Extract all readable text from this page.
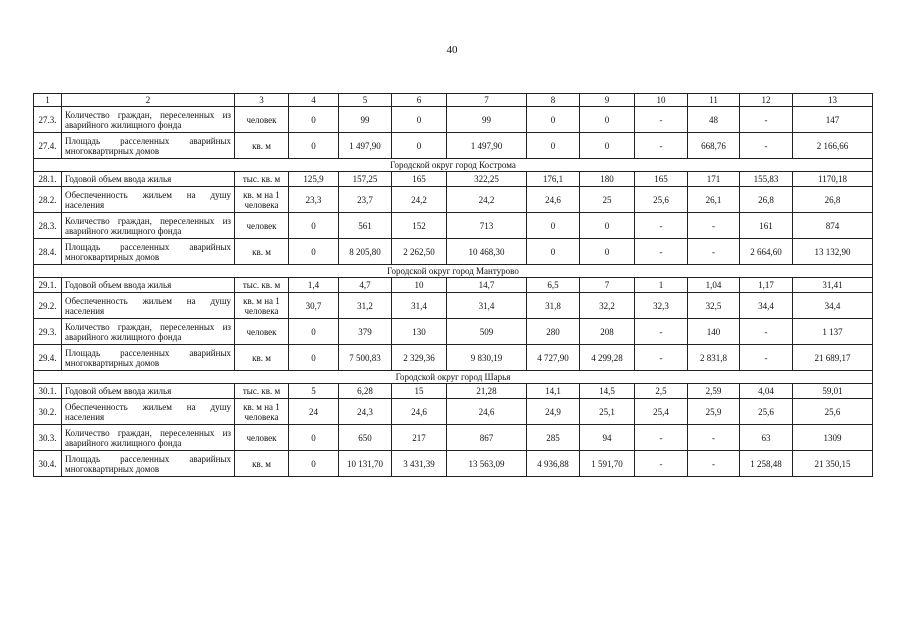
40
1	2	3	4	5	6	7	8	9	10	11	12	13
27.3.	Количество граждан, переселенных из аварийного жилищного фонда	человек	0	99	0	99	0	0	-	48	-	147
27.4.	Площадь расселенных аварийных многоквартирных домов	кв. м	0	1 497,90	0	1 497,90	0	0	-	668,76	-	2 166,66
Городской округ город Кострома												
28.1.	Годовой объем ввода жилья	тыс. кв. м	125,9	157,25	165	322,25	176,1	180	165	171	155,83	1170,18
28.2.	Обеспеченность жильем на душу населения	кв. м на 1 человека	23,3	23,7	24,2	24,2	24,6	25	25,6	26,1	26,8	26,8
28.3.	Количество граждан, переселенных из аварийного жилищного фонда	человек	0	561	152	713	0	0	-	-	161	874
28.4.	Площадь расселенных аварийных многоквартирных домов	кв. м	0	8 205,80	2 262,50	10 468,30	0	0	-	-	2 664,60	13 132,90
Городской округ город Мантурово												
29.1.	Годовой объем ввода жилья	тыс. кв. м	1,4	4,7	10	14,7	6,5	7	1	1,04	1,17	31,41
29.2.	Обеспеченность жильем на душу населения	кв. м на 1 человека	30,7	31,2	31,4	31,4	31,8	32,2	32,3	32,5	34,4	34,4
29.3.	Количество граждан, переселенных из аварийного жилищного фонда	человек	0	379	130	509	280	208	-	140	-	1 137
29.4.	Площадь расселенных аварийных многоквартирных домов	кв. м	0	7 500,83	2 329,36	9 830,19	4 727,90	4 299,28	-	2 831,8	-	21 689,17
Городской округ город Шарья												
30.1.	Годовой объем ввода жилья	тыс. кв. м	5	6,28	15	21,28	14,1	14,5	2,5	2,59	4,04	59,01
30.2.	Обеспеченность жильем на душу населения	кв. м на 1 человека	24	24,3	24,6	24,6	24,9	25,1	25,4	25,9	25,6	25,6
30.3.	Количество граждан, переселенных из аварийного жилищного фонда	человек	0	650	217	867	285	94	-	-	63	1309
30.4.	Площадь расселенных аварийных многоквартирных домов	кв. м	0	10 131,70	3 431,39	13 563,09	4 936,88	1 591,70	-	-	1 258,48	21 350,15
